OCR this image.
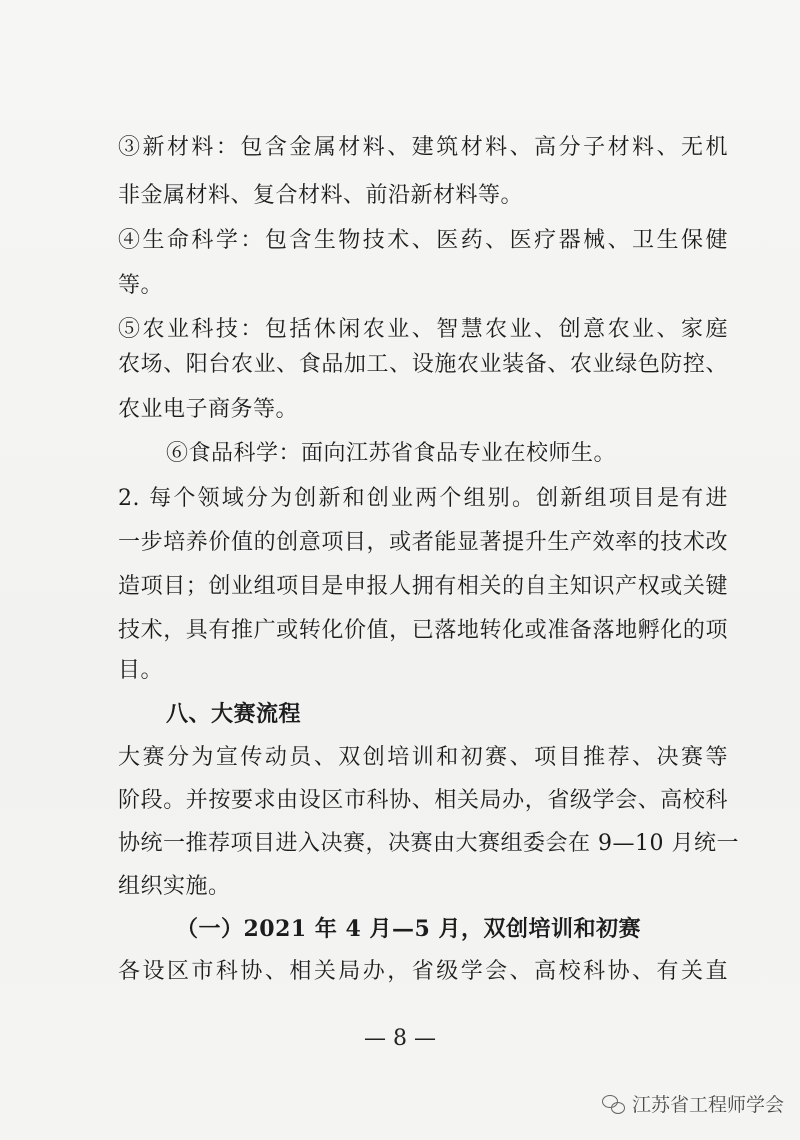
③新材料：包含金属材料、建筑材料、高分子材料、无机
非金属材料、复合材料、前沿新材料等。
④生命科学：包含生物技术、医药、医疗器械、卫生保健
等。
⑤农业科技：包括休闲农业、智慧农业、创意农业、家庭
农场、阳台农业、食品加工、设施农业装备、农业绿色防控、
农业电子商务等。
⑥食品科学：面向江苏省食品专业在校师生。
2. 每个领域分为创新和创业两个组别。创新组项目是有进
一步培养价值的创意项目，或者能显著提升生产效率的技术改
造项目；创业组项目是申报人拥有相关的自主知识产权或关键
技术，具有推广或转化价值，已落地转化或准备落地孵化的项
目。
八、大赛流程
大赛分为宣传动员、双创培训和初赛、项目推荐、决赛等
阶段。并按要求由设区市科协、相关局办，省级学会、高校科
协统一推荐项目进入决赛，决赛由大赛组委会在 9—10 月统一
组织实施。
（一）2021 年 4 月—5 月，双创培训和初赛
各设区市科协、相关局办，省级学会、高校科协、有关直
— 8 —
江苏省工程师学会
